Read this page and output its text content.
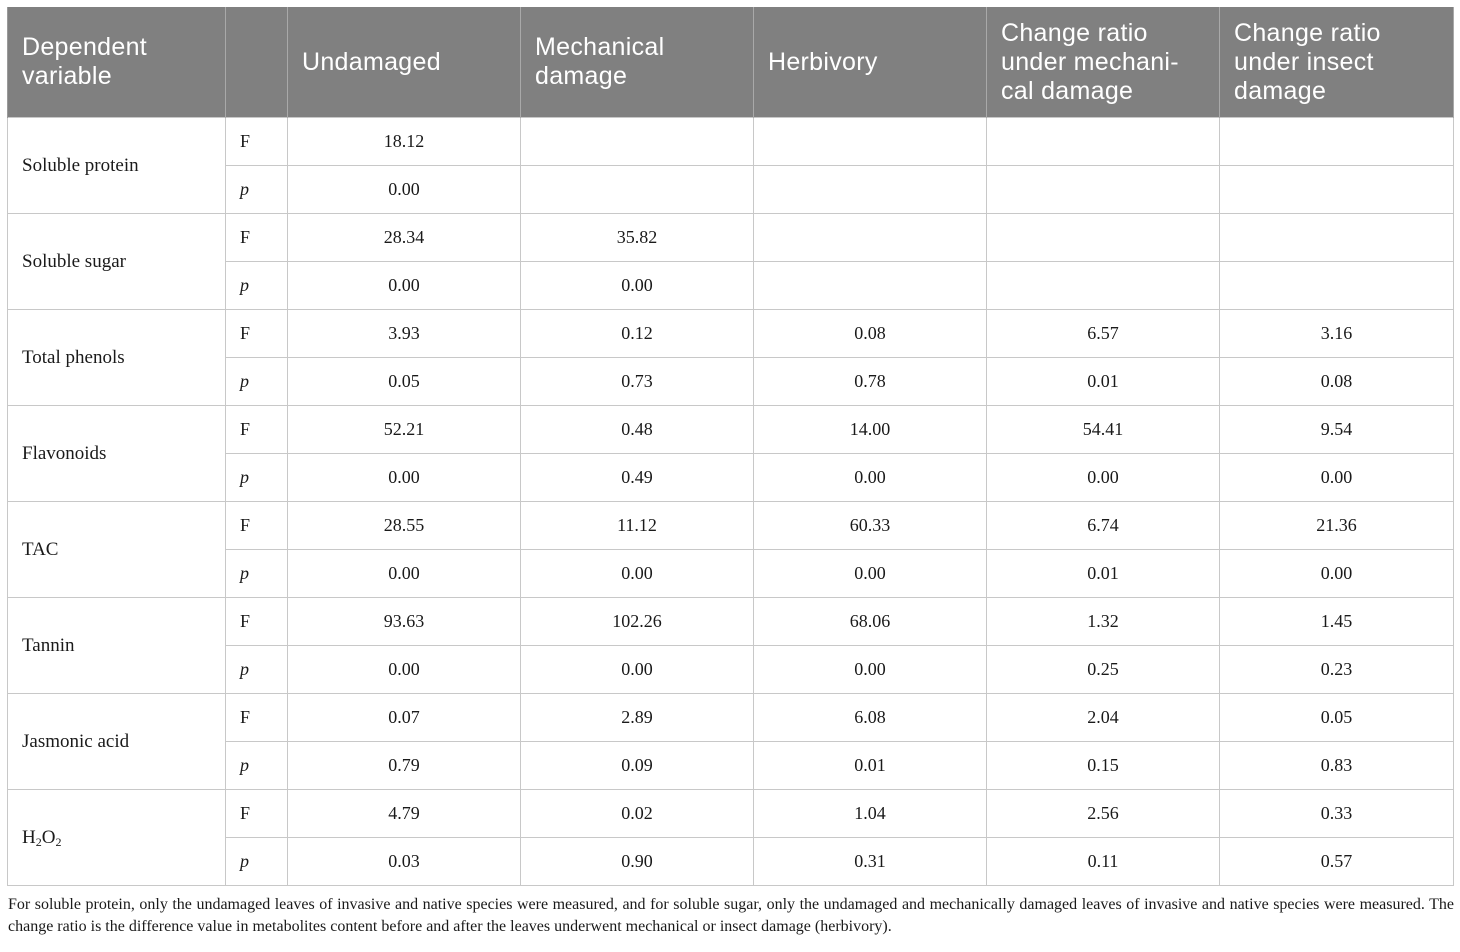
Dependent variable		Undamaged	Mechanical damage	Herbivory	Change ratio under mechani-cal damage	Change ratio under insect damage
Soluble protein	F	18.12				
	p	0.00				
Soluble sugar	F	28.34	35.82			
	p	0.00	0.00			
Total phenols	F	3.93	0.12	0.08	6.57	3.16
	p	0.05	0.73	0.78	0.01	0.08
Flavonoids	F	52.21	0.48	14.00	54.41	9.54
	p	0.00	0.49	0.00	0.00	0.00
TAC	F	28.55	11.12	60.33	6.74	21.36
	p	0.00	0.00	0.00	0.01	0.00
Tannin	F	93.63	102.26	68.06	1.32	1.45
	p	0.00	0.00	0.00	0.25	0.23
Jasmonic acid	F	0.07	2.89	6.08	2.04	0.05
	p	0.79	0.09	0.01	0.15	0.83
$H_2O_2$	F	4.79	0.02	1.04	2.56	0.33
	p	0.03	0.90	0.31	0.11	0.57
For soluble protein, only the undamaged leaves of invasive and native species were measured, and for soluble sugar, only the undamaged and mechanically damaged leaves of invasive and native species were measured. The change ratio is the difference value in metabolites content before and after the leaves underwent mechanical or insect damage (herbivory).
